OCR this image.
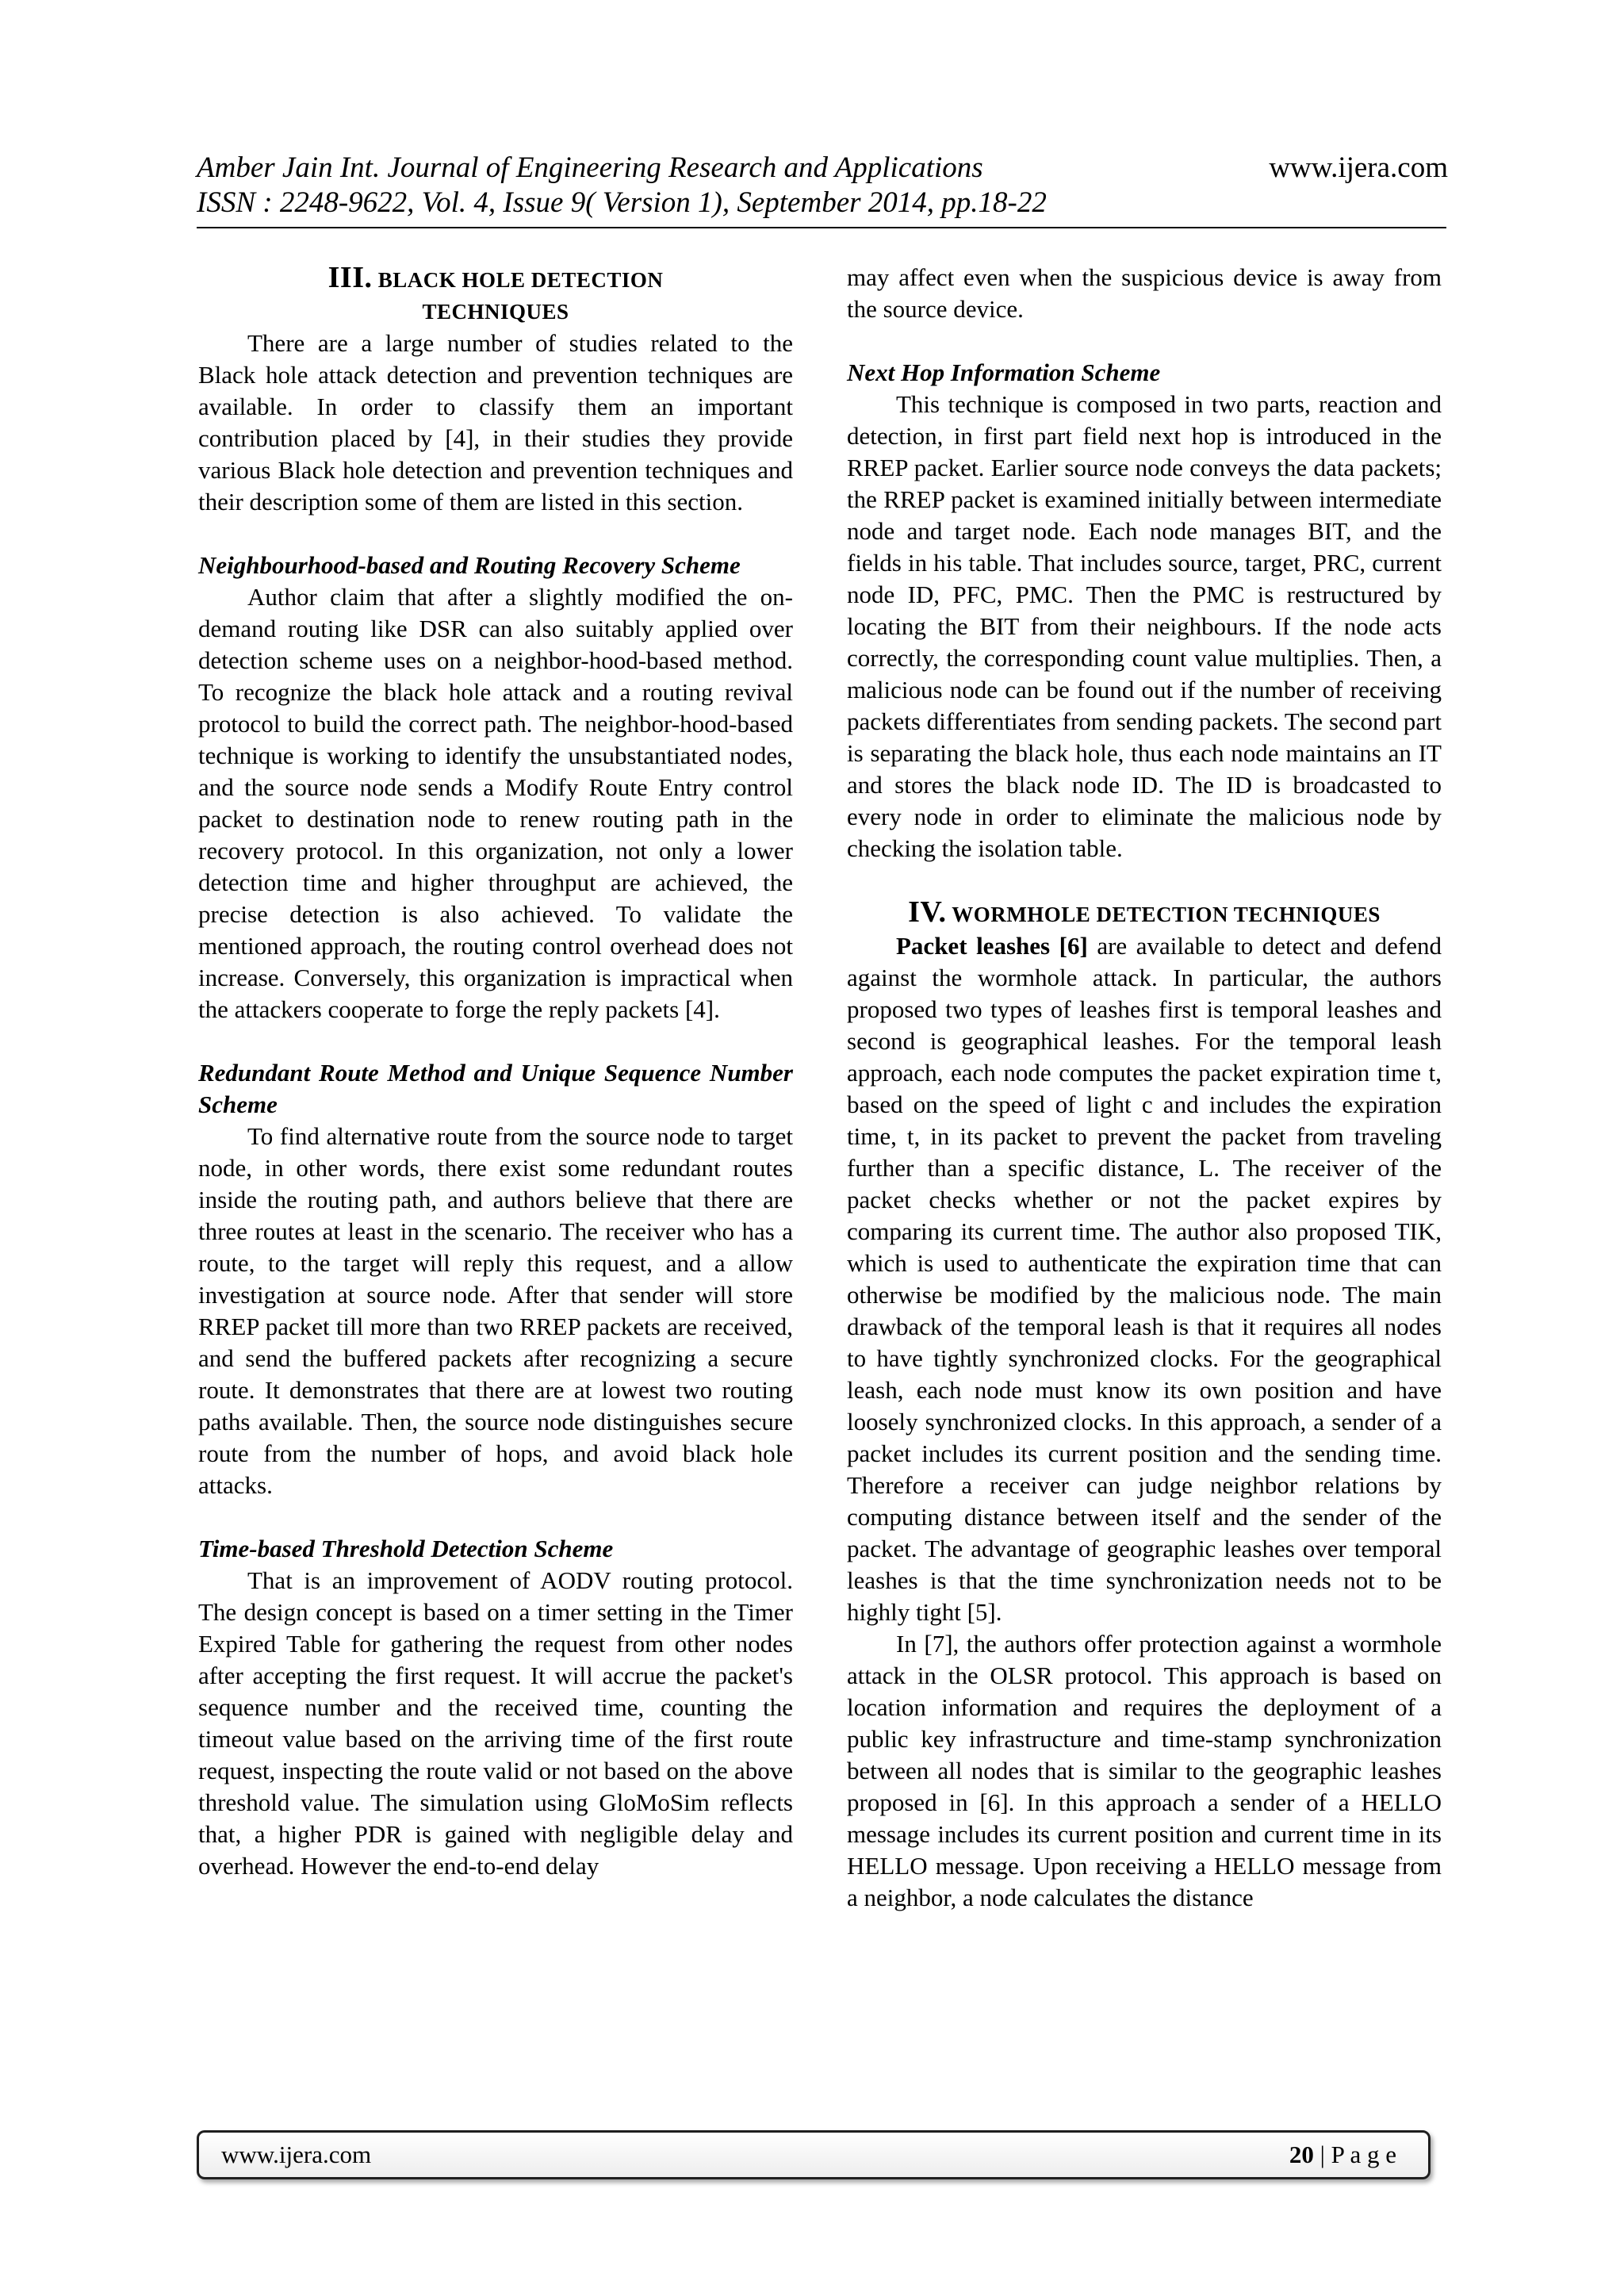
Amber Jain Int. Journal of Engineering Research and Applications	www.ijera.com
ISSN : 2248-9622, Vol. 4, Issue 9( Version 1), September 2014, pp.18-22
III. BLACK HOLE DETECTION
TECHNIQUES

There are a large number of studies related to the Black hole attack detection and prevention techniques are available. In order to classify them an important contribution placed by [4], in their studies they provide various Black hole detection and prevention techniques and their description some of them are listed in this section.

Neighbourhood-based and Routing Recovery Scheme

Author claim that after a slightly modified the on-demand routing like DSR can also suitably applied over detection scheme uses on a neighbor-hood-based method. To recognize the black hole attack and a routing revival protocol to build the correct path. The neighbor-hood-based technique is working to identify the unsubstantiated nodes, and the source node sends a Modify Route Entry control packet to destination node to renew routing path in the recovery protocol. In this organization, not only a lower detection time and higher throughput are achieved, the precise detection is also achieved. To validate the mentioned approach, the routing control overhead does not increase. Conversely, this organization is impractical when the attackers cooperate to forge the reply packets [4].

Redundant Route Method and Unique Sequence Number Scheme

To find alternative route from the source node to target node, in other words, there exist some redundant routes inside the routing path, and authors believe that there are three routes at least in the scenario. The receiver who has a route, to the target will reply this request, and a allow investigation at source node. After that sender will store RREP packet till more than two RREP packets are received, and send the buffered packets after recognizing a secure route. It demonstrates that there are at lowest two routing paths available. Then, the source node distinguishes secure route from the number of hops, and avoid black hole attacks.

Time-based Threshold Detection Scheme

That is an improvement of AODV routing protocol. The design concept is based on a timer setting in the Timer Expired Table for gathering the request from other nodes after accepting the first request. It will accrue the packet's sequence number and the received time, counting the timeout value based on the arriving time of the first route request, inspecting the route valid or not based on the above threshold value. The simulation using GloMoSim reflects that, a higher PDR is gained with negligible delay and overhead. However the end-to-end delay

may affect even when the suspicious device is away from the source device.

Next Hop Information Scheme

This technique is composed in two parts, reaction and detection, in first part field next hop is introduced in the RREP packet. Earlier source node conveys the data packets; the RREP packet is examined initially between intermediate node and target node. Each node manages BIT, and the fields in his table. That includes source, target, PRC, current node ID, PFC, PMC. Then the PMC is restructured by locating the BIT from their neighbours. If the node acts correctly, the corresponding count value multiplies. Then, a malicious node can be found out if the number of receiving packets differentiates from sending packets. The second part is separating the black hole, thus each node maintains an IT and stores the black node ID. The ID is broadcasted to every node in order to eliminate the malicious node by checking the isolation table.

IV. WORMHOLE DETECTION TECHNIQUES

Packet leashes [6] are available to detect and defend against the wormhole attack. In particular, the authors proposed two types of leashes first is temporal leashes and second is geographical leashes. For the temporal leash approach, each node computes the packet expiration time t, based on the speed of light c and includes the expiration time, t, in its packet to prevent the packet from traveling further than a specific distance, L. The receiver of the packet checks whether or not the packet expires by comparing its current time. The author also proposed TIK, which is used to authenticate the expiration time that can otherwise be modified by the malicious node. The main drawback of the temporal leash is that it requires all nodes to have tightly synchronized clocks. For the geographical leash, each node must know its own position and have loosely synchronized clocks. In this approach, a sender of a packet includes its current position and the sending time. Therefore a receiver can judge neighbor relations by computing distance between itself and the sender of the packet. The advantage of geographic leashes over temporal leashes is that the time synchronization needs not to be highly tight [5].

In [7], the authors offer protection against a wormhole attack in the OLSR protocol. This approach is based on location information and requires the deployment of a public key infrastructure and time-stamp synchronization between all nodes that is similar to the geographic leashes proposed in [6]. In this approach a sender of a HELLO message includes its current position and current time in its HELLO message. Upon receiving a HELLO message from a neighbor, a node calculates the distance

www.ijera.com	20 | P a g e
